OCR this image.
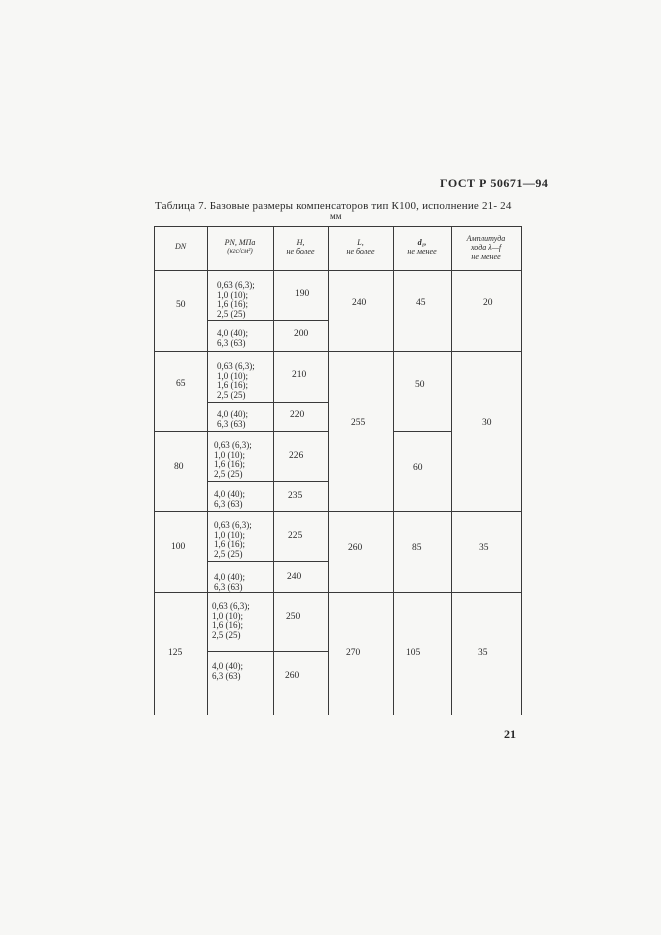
ГОСТ Р 50671—94
Таблица 7. Базовые размеры компенсаторов тип К100, исполнение 21- 24
мм
DN	PN, МПа
(кгс/см²)
H,
не более
L,
не более
d₁,
не менее
Амплитуда
хода λ—f
не менее
50
65
80
100
125
0,63 (6,3);
1,0 (10);
1,6 (16);
2,5 (25)
4,0 (40);
6,3 (63)
0,63 (6,3);
1,0 (10);
1,6 (16);
2,5 (25)
4,0 (40);
6,3 (63)
0,63 (6,3);
1,0 (10);
1,6 (16);
2,5 (25)
4,0 (40);
6,3 (63)
0,63 (6,3);
1,0 (10);
1,6 (16);
2,5 (25)
4,0 (40);
6,3 (63)
0,63 (6,3);
1,0 (10);
1,6 (16);
2,5 (25)
4,0 (40);
6,3 (63)
190
200
210
220
226
235
225
240
250
260
240
255
260
270
45
50
60
85
105
20
30
35
35
21
